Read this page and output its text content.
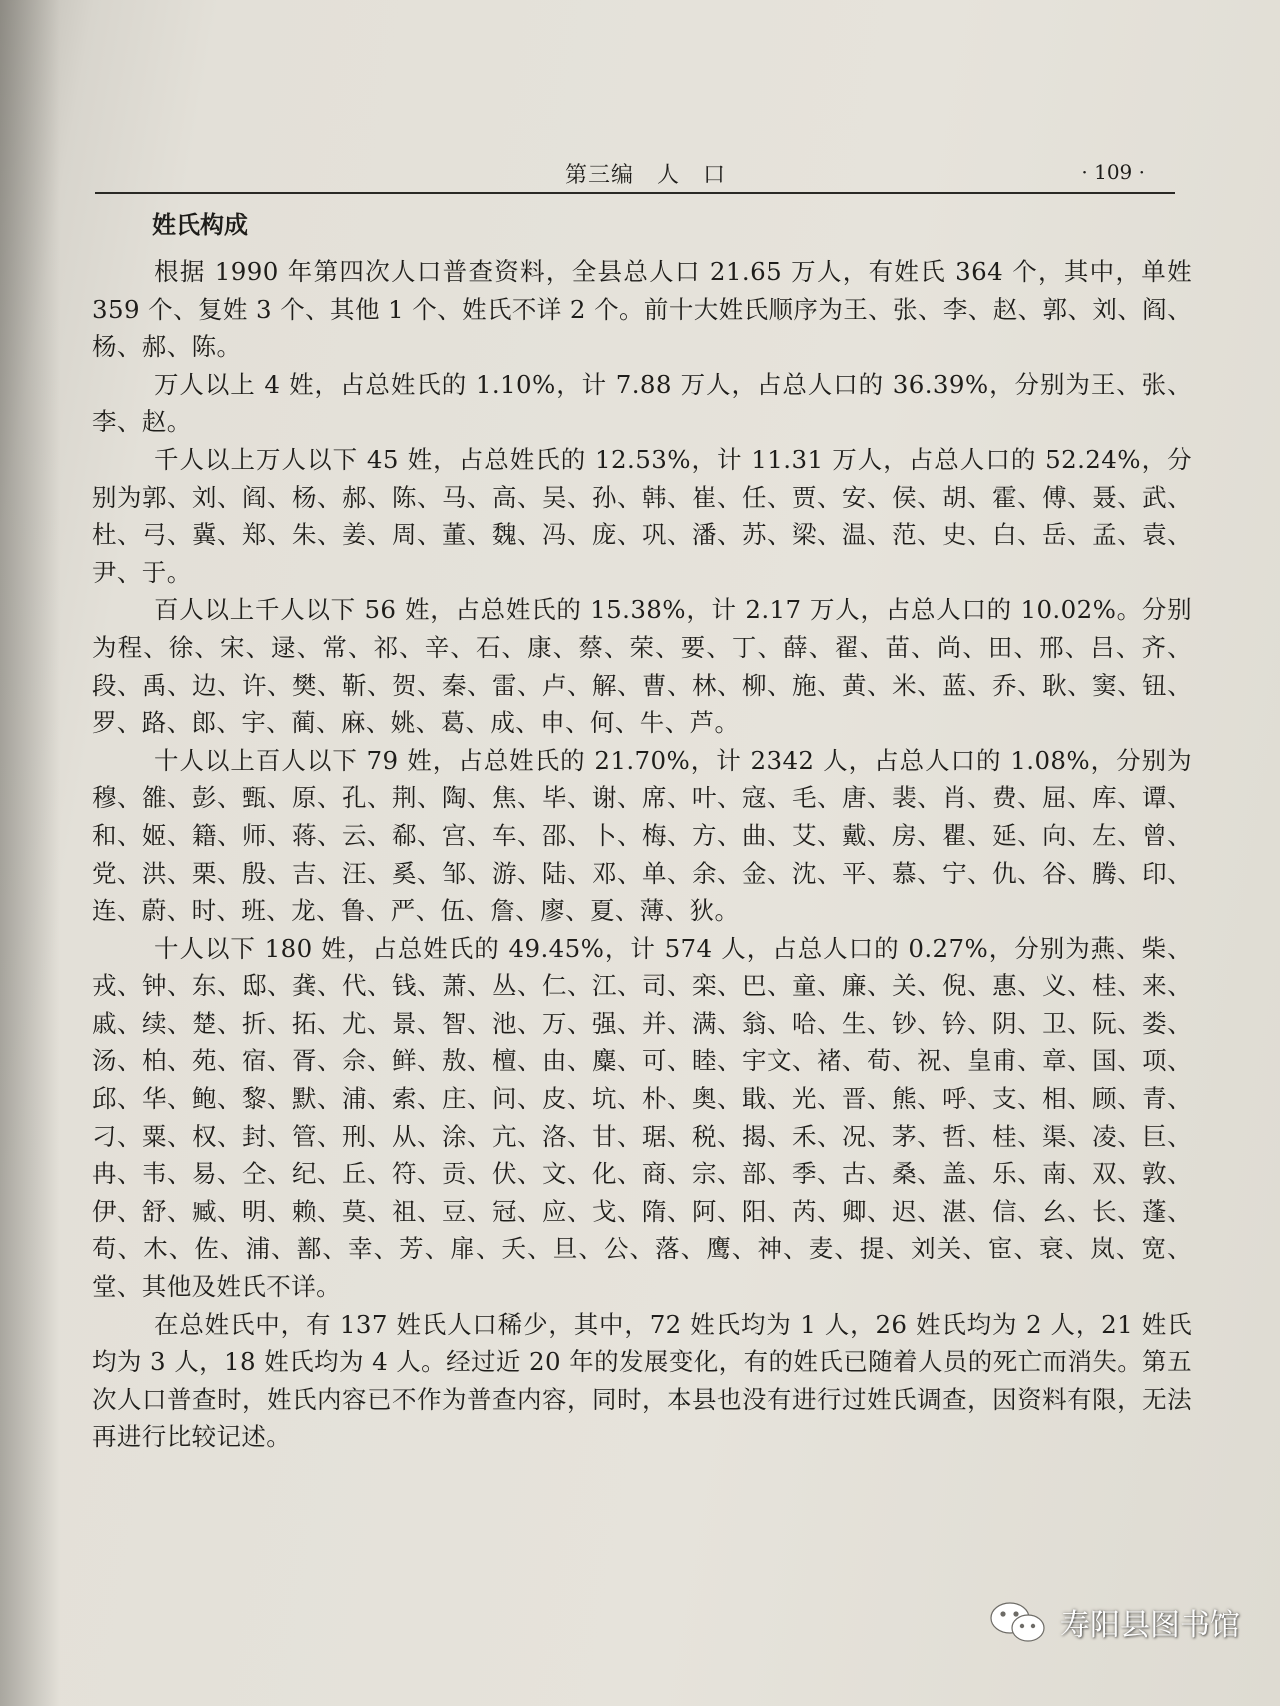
第三编　人　口	· 109 ·
姓氏构成

根据 1990 年第四次人口普查资料，全县总人口 21.65 万人，有姓氏 364 个，其中，单姓 359 个、复姓 3 个、其他 1 个、姓氏不详 2 个。前十大姓氏顺序为王、张、李、赵、郭、刘、阎、杨、郝、陈。

万人以上 4 姓，占总姓氏的 1.10%，计 7.88 万人，占总人口的 36.39%，分别为王、张、李、赵。

千人以上万人以下 45 姓，占总姓氏的 12.53%，计 11.31 万人，占总人口的 52.24%，分别为郭、刘、阎、杨、郝、陈、马、高、吴、孙、韩、崔、任、贾、安、侯、胡、霍、傅、聂、武、杜、弓、冀、郑、朱、姜、周、董、魏、冯、庞、巩、潘、苏、梁、温、范、史、白、岳、孟、袁、尹、于。

百人以上千人以下 56 姓，占总姓氏的 15.38%，计 2.17 万人，占总人口的 10.02%。分别为程、徐、宋、逯、常、祁、辛、石、康、蔡、荣、要、丁、薛、翟、苗、尚、田、邢、吕、齐、段、禹、边、许、樊、靳、贺、秦、雷、卢、解、曹、林、柳、施、黄、米、蓝、乔、耿、窦、钮、罗、路、郎、宇、蔺、麻、姚、葛、成、申、何、牛、芦。

十人以上百人以下 79 姓，占总姓氏的 21.70%，计 2342 人，占总人口的 1.08%，分别为穆、雒、彭、甄、原、孔、荆、陶、焦、毕、谢、席、叶、寇、毛、唐、裴、肖、费、屈、库、谭、和、姬、籍、师、蒋、云、郗、宫、车、邵、卜、梅、方、曲、艾、戴、房、瞿、延、向、左、曾、党、洪、栗、殷、吉、汪、奚、邹、游、陆、邓、单、余、金、沈、平、慕、宁、仇、谷、腾、印、连、蔚、时、班、龙、鲁、严、伍、詹、廖、夏、薄、狄。

十人以下 180 姓，占总姓氏的 49.45%，计 574 人，占总人口的 0.27%，分别为燕、柴、戎、钟、东、邸、龚、代、钱、萧、丛、仁、江、司、栾、巴、童、廉、关、倪、惠、义、桂、来、戚、续、楚、折、拓、尤、景、智、池、万、强、并、满、翁、哈、生、钞、钤、阴、卫、阮、娄、汤、柏、苑、宿、胥、佘、鲜、敖、檀、由、麋、可、睦、宇文、褚、荀、祝、皇甫、章、国、项、邱、华、鲍、黎、默、浦、索、庄、问、皮、坑、朴、奥、戢、光、晋、熊、呼、支、相、顾、青、刁、粟、权、封、管、刑、从、涂、亢、洛、甘、琚、税、揭、禾、况、茅、哲、桂、渠、凌、巨、冉、韦、易、仝、纪、丘、符、贡、伏、文、化、商、宗、部、季、古、桑、盖、乐、南、双、敦、伊、舒、臧、明、赖、莫、祖、豆、冠、应、戈、隋、阿、阳、芮、卿、迟、湛、信、幺、长、蓬、苟、木、佐、浦、鄯、幸、芳、扉、夭、旦、公、落、鹰、神、麦、提、刘关、宦、衰、岚、宽、堂、其他及姓氏不详。

在总姓氏中，有 137 姓氏人口稀少，其中，72 姓氏均为 1 人，26 姓氏均为 2 人，21 姓氏均为 3 人，18 姓氏均为 4 人。经过近 20 年的发展变化，有的姓氏已随着人员的死亡而消失。第五次人口普查时，姓氏内容已不作为普查内容，同时，本县也没有进行过姓氏调查，因资料有限，无法再进行比较记述。

寿阳县图书馆
